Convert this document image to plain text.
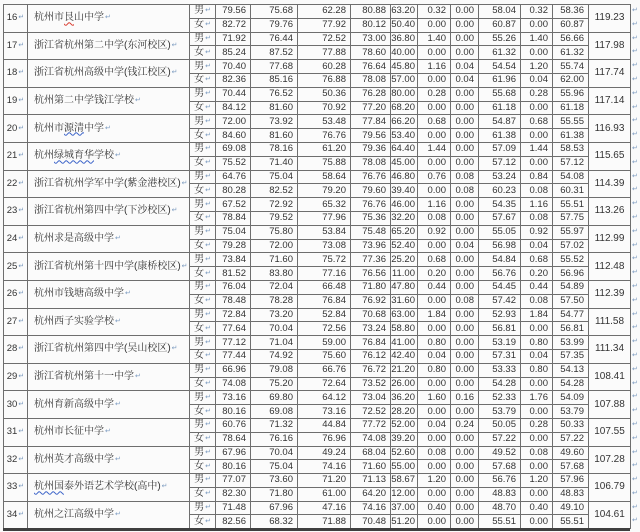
16↵	杭州市艮山中学↵	男↵	79.56	75.68	62.28	80.88	63.20	0.32	0.00	58.04	0.32	58.36	119.23
		女↵	82.72	79.76	77.92	80.12	50.40	0.00	0.00	60.87	0.00	60.87	
17↵	浙江省杭州第二中学(东河校区)↵	男↵	71.92	76.44	72.52	73.00	36.80	1.40	0.00	55.26	1.40	56.66	117.98
		女↵	85.24	87.52	77.88	78.60	40.00	0.00	0.00	61.32	0.00	61.32	
18↵	浙江省杭州高级中学(钱江校区)↵	男↵	70.40	77.68	60.28	76.64	45.80	1.16	0.04	54.54	1.20	55.74	117.74
		女↵	82.36	85.16	76.88	78.08	57.00	0.00	0.04	61.96	0.04	62.00	
19↵	杭州第二中学钱江学校↵	男↵	70.44	76.52	50.36	76.28	80.00	0.28	0.00	55.68	0.28	55.96	117.14
		女↵	84.12	81.60	70.92	77.20	68.20	0.00	0.00	61.18	0.00	61.18	
20↵	杭州市源清中学↵	男↵	72.00	73.92	53.48	77.84	66.20	0.68	0.00	54.87	0.68	55.55	116.93
		女↵	84.60	81.60	76.76	79.56	53.40	0.00	0.00	61.38	0.00	61.38	
21↵	杭州绿城育华学校↵	男↵	69.08	78.16	61.20	79.36	64.40	1.44	0.00	57.09	1.44	58.53	115.65
		女↵	75.52	71.40	75.88	78.08	45.00	0.00	0.00	57.12	0.00	57.12	
22↵	浙江省杭州学军中学(紫金港校区)↵	男↵	64.76	75.04	58.64	76.76	46.80	0.76	0.08	53.24	0.84	54.08	114.39
		女↵	80.28	82.52	79.20	79.60	39.40	0.00	0.08	60.23	0.08	60.31	
23↵	浙江省杭州第四中学(下沙校区)↵	男↵	67.52	72.92	65.32	76.76	46.00	1.16	0.00	54.35	1.16	55.51	113.26
		女↵	78.84	79.52	77.96	75.36	32.20	0.08	0.00	57.67	0.08	57.75	
24↵	杭州求是高级中学↵	男↵	75.04	75.80	53.84	75.48	65.20	0.92	0.00	55.05	0.92	55.97	112.99
		女↵	79.28	72.00	73.08	73.96	52.40	0.00	0.04	56.98	0.04	57.02	
25↵	浙江省杭州第十四中学(康桥校区)↵	男↵	73.84	71.60	75.72	77.36	25.20	0.68	0.00	54.84	0.68	55.52	112.48
		女↵	81.52	83.80	77.16	76.56	11.00	0.20	0.00	56.76	0.20	56.96	
26↵	杭州市钱塘高级中学↵	男↵	76.04	72.04	66.48	71.80	47.80	0.44	0.00	54.45	0.44	54.89	112.39
		女↵	78.48	78.28	76.84	76.92	31.60	0.00	0.08	57.42	0.08	57.50	
27↵	杭州西子实验学校↵	男↵	72.84	73.20	52.84	70.68	63.00	1.84	0.00	52.93	1.84	54.77	111.58
		女↵	77.64	70.04	72.56	73.24	58.80	0.00	0.00	56.81	0.00	56.81	
28↵	浙江省杭州第四中学(吴山校区)↵	男↵	77.12	71.04	59.00	76.84	41.00	0.80	0.00	53.19	0.80	53.99	111.34
		女↵	77.44	74.92	75.60	76.12	42.40	0.04	0.00	57.31	0.04	57.35	
29↵	浙江省杭州第十一中学↵	男↵	66.96	79.08	66.76	76.72	21.20	0.80	0.00	53.33	0.80	54.13	108.41
		女↵	74.08	75.20	72.64	73.52	26.00	0.00	0.00	54.28	0.00	54.28	
30↵	杭州育新高级中学↵	男↵	73.16	69.80	64.12	73.04	36.20	1.60	0.16	52.33	1.76	54.09	107.88
		女↵	80.16	69.08	73.16	72.52	28.20	0.00	0.00	53.79	0.00	53.79	
31↵	杭州市长征中学↵	男↵	60.76	71.32	44.84	77.72	52.00	0.04	0.24	50.05	0.28	50.33	107.55
		女↵	78.64	76.16	76.96	74.08	39.20	0.00	0.00	57.22	0.00	57.22	
32↵	杭州英才高级中学↵	男↵	67.96	70.04	49.24	68.04	52.60	0.08	0.00	49.52	0.08	49.60	107.28
		女↵	80.16	75.04	74.16	71.60	55.00	0.00	0.00	57.68	0.00	57.68	
33↵	杭州国泰外语艺术学校(高中)↵	男↵	77.07	73.60	71.20	71.13	58.67	1.20	0.00	56.76	1.20	57.96	106.79
		女↵	82.30	71.80	61.00	64.20	12.00	0.00	0.00	48.83	0.00	48.83	
34↵	杭州之江高级中学↵	男↵	71.48	67.96	47.16	74.16	37.00	0.40	0.00	48.70	0.40	49.10	104.61
		女↵	82.56	68.32	71.88	70.48	51.20	0.00	0.00	55.51	0.00	55.51	
↵
↵
↵
↵
↵
↵
↵
↵
↵
↵
↵
↵
↵
↵
↵
↵
↵
↵
↵
↵
↵
↵
↵
↵
↵
↵
↵
↵
↵
↵
↵
↵
↵
↵
↵
↵
↵
↵
